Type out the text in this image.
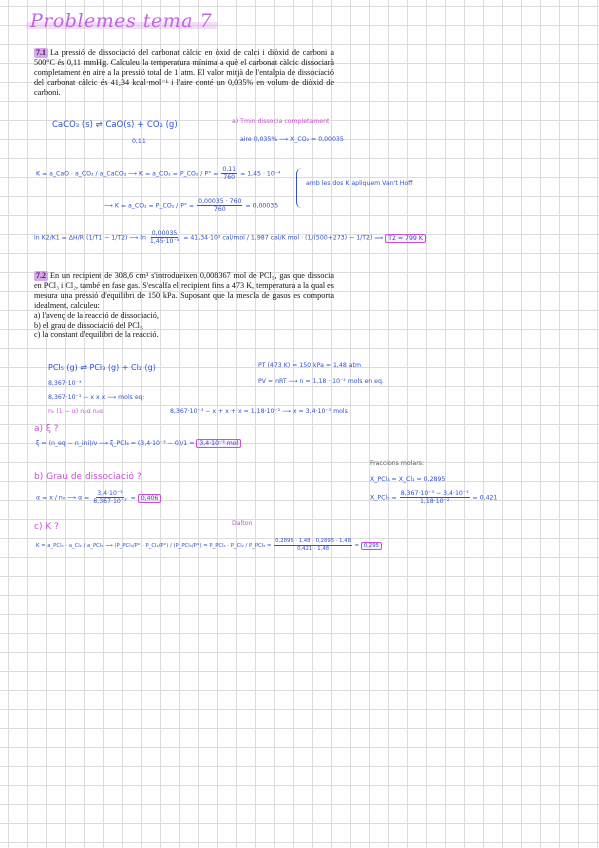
Problemes tema 7
7.1 La pressió de dissociació del carbonat càlcic en òxid de calci i diòxid de carboni a 500°C és 0,11 mmHg. Calculeu la temperatura mínima a què el carbonat càlcic dissociarà completament en aire a la pressió total de 1 atm. El valor mitjà de l'entalpia de dissociació del carbonat càlcic és 41,34 kcal·mol⁻¹ i l'aire conté un 0,035% en volum de diòxid de carboni.
CaCO₃ (s) ⇌ CaO(s) + CO₂ (g)
0,11
a) Tmin dissocia completament
aire 0,035% ⟶ X_CO₂ = 0,00035
K = a_CaO · a_CO₂ / a_CaCO₃ ⟶ K = a_CO₂ = P_CO₂ / $P^\circ = \frac{0,11}{760} = 1,45 \cdot 10^{-4}$
amb les dos K apliquem Van't Hoff
⟶ K = a_CO₂ = P_CO₂ / $P^\circ = \frac{0,00035 \cdot 760}{760} = 0,00035$
ln K2/K1 = ΔH/R (1/T1 − 1/T2) ⟶ $\ln \frac{0,00035}{\text{1,45·10⁻⁴}} = 41,34\cdot 10^3$ cal/mol / 1,987 cal/K mol · (1/(500+273) − 1/T2) ⟹ T2 = 799 K
7.2 En un recipient de 308,6 cm³ s'introdueixen 0,008367 mol de PCl₅, gas que dissocia en PCl₃ i Cl₂, també en fase gas. S'escalfa el recipient fins a 473 K, temperatura a la qual es mesura una pressió d'equilibri de 150 kPa. Suposant que la mescla de gasos es comporta idealment, calculeu:
a) l'avenç de la reacció de dissociació,
b) el grau de dissociació del PCl₅
c) la constant d'equilibri de la reacció.
PCl₅ (g) ⇌ PCl₃ (g) + Cl₂ (g)
8,367·10⁻³
8,367·10⁻³ − x x x ⟶ mols eq:
n₀ (1 − α) n₀α n₀α
PT (473 K) = 150 kPa = 1,48 atm
PV = nRT ⟶ n = 1,18 · 10⁻² mols en eq.
8,367·10⁻³ − x + x + x = 1,18·10⁻² ⟶ x = 3,4·10⁻³ mols
a) ξ ?
ξ = (n_eq − n_ini)/ν ⟶ ξ_PCl₃ = (3,4·10⁻³ − 0)/1 = 3,4·10⁻³ mol
Fraccions molars:
X_PCl₃ = X_Cl₂ = 0,2895
X_PCl₅ = $\frac{\text{8,367·10⁻³ − 3,4·10⁻³}}{\text{1,18·10⁻²}} = 0,421$
b) Grau de dissociació ?
α = x / n₀ ⟶ $\alpha = \frac{\text{3,4·10⁻³}}{\text{8,367·10⁻³}} = 0,406$
c) K ?	Dalton
K = a_PCl₃ · a_Cl₂ / a_PCl₅ ⟶ (P_PCl₃/P° · P_Cl₂/P°) / (P_PCl₅/P°) = P_PCl₃ · P_Cl₂ / P_PCl₅ = $\frac{0,2895 \cdot 1,48 \cdot 0,2895 \cdot 1,48}{0,421 \cdot 1,48} = 0,295$
